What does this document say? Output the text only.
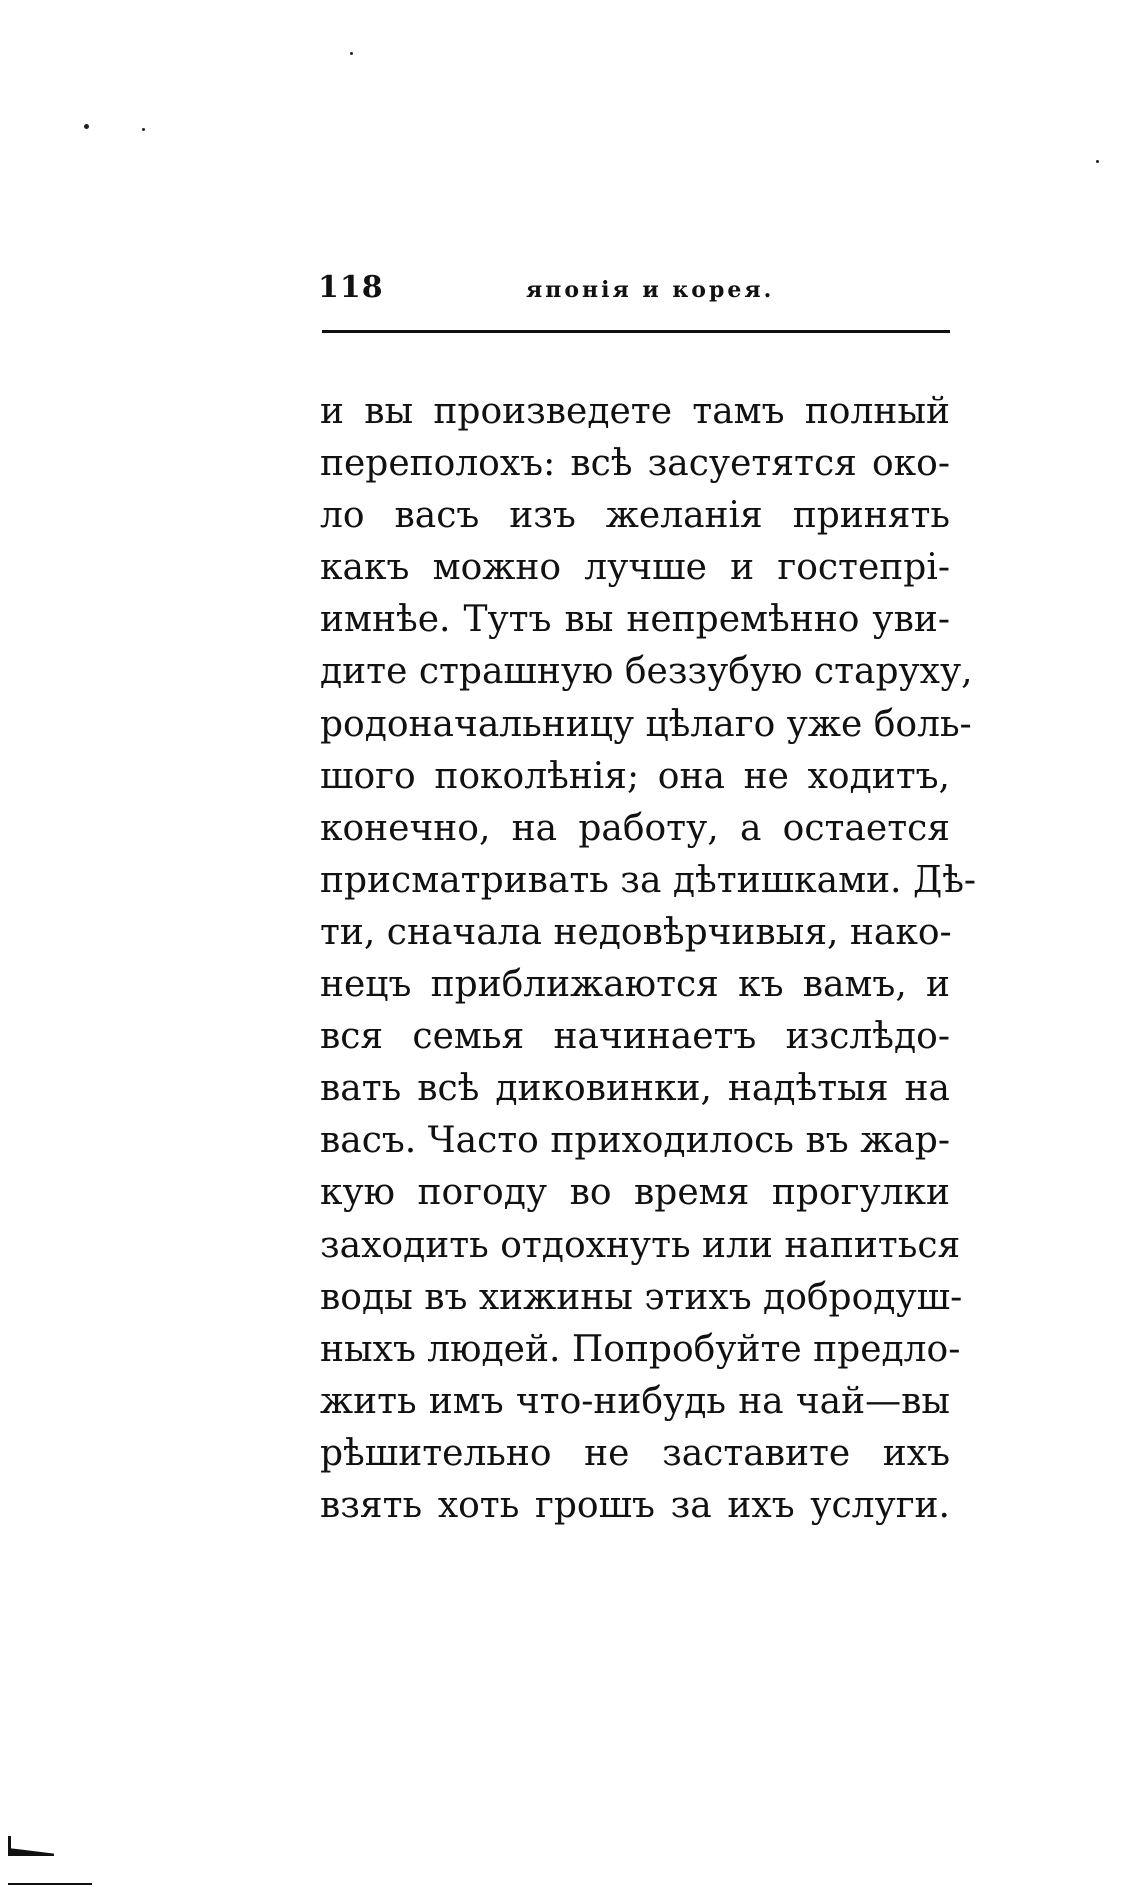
118	японія и корея.
и вы произведете тамъ полный
переполохъ: всѣ засуетятся око-
ло васъ изъ желанія принять
какъ можно лучше и гостепрі-
имнѣе. Тутъ вы непремѣнно уви-
дите страшную беззубую старуху,
родоначальницу цѣлаго уже боль-
шого поколѣнія; она не ходитъ,
конечно, на работу, а остается
присматривать за дѣтишками. Дѣ-
ти, сначала недовѣрчивыя, нако-
нецъ приближаются къ вамъ, и
вся семья начинаетъ изслѣдо-
вать всѣ диковинки, надѣтыя на
васъ. Часто приходилось въ жар-
кую погоду во время прогулки
заходить отдохнуть или напиться
воды въ хижины этихъ добродуш-
ныхъ людей. Попробуйте предло-
жить имъ что-нибудь на чай—вы
рѣшительно не заставите ихъ
взять хоть грошъ за ихъ услуги.
